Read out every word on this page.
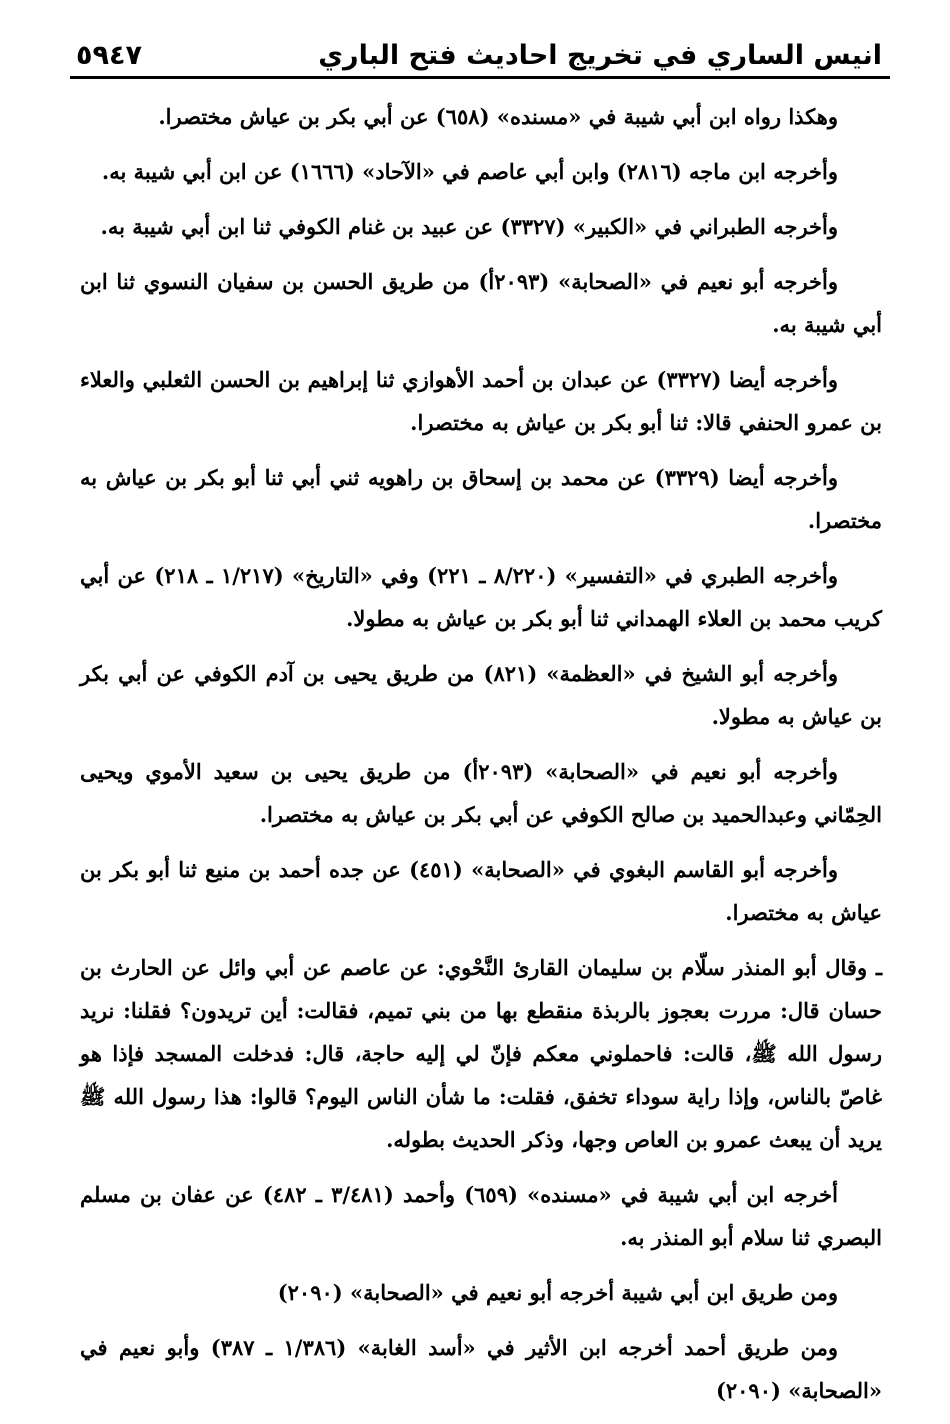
انيس الساري في تخريج احاديث فتح الباري
٥٩٤٧

وهكذا رواه ابن أبي شيبة في «مسنده» (٦٥٨) عن أبي بكر بن عياش مختصرا.

وأخرجه ابن ماجه (٢٨١٦) وابن أبي عاصم في «الآحاد» (١٦٦٦) عن ابن أبي شيبة به.

وأخرجه الطبراني في «الكبير» (٣٣٢٧) عن عبيد بن غنام الكوفي ثنا ابن أبي شيبة به.

وأخرجه أبو نعيم في «الصحابة» (٢٠٩٣أ) من طريق الحسن بن سفيان النسوي ثنا ابن أبي شيبة به.

وأخرجه أيضا (٣٣٢٧) عن عبدان بن أحمد الأهوازي ثنا إبراهيم بن الحسن الثعلبي والعلاء بن عمرو الحنفي قالا: ثنا أبو بكر بن عياش به مختصرا.

وأخرجه أيضا (٣٣٢٩) عن محمد بن إسحاق بن راهويه ثني أبي ثنا أبو بكر بن عياش به مختصرا.

وأخرجه الطبري في «التفسير» (٨/٢٢٠ ـ ٢٢١) وفي «التاريخ» (١/٢١٧ ـ ٢١٨) عن أبي كريب محمد بن العلاء الهمداني ثنا أبو بكر بن عياش به مطولا.

وأخرجه أبو الشيخ في «العظمة» (٨٢١) من طريق يحيى بن آدم الكوفي عن أبي بكر بن عياش به مطولا.

وأخرجه أبو نعيم في «الصحابة» (٢٠٩٣أ) من طريق يحيى بن سعيد الأموي ويحيى الحِمّاني وعبدالحميد بن صالح الكوفي عن أبي بكر بن عياش به مختصرا.

وأخرجه أبو القاسم البغوي في «الصحابة» (٤٥١) عن جده أحمد بن منيع ثنا أبو بكر بن عياش به مختصرا.

ـ وقال أبو المنذر سلّام بن سليمان القارئ النَّحْوي: عن عاصم عن أبي وائل عن الحارث بن حسان قال: مررت بعجوز بالربذة منقطع بها من بني تميم، فقالت: أين تريدون؟ فقلنا: نريد رسول الله ﷺ، قالت: فاحملوني معكم فإنّ لي إليه حاجة، قال: فدخلت المسجد فإذا هو غاصّ بالناس، وإذا راية سوداء تخفق، فقلت: ما شأن الناس اليوم؟ قالوا: هذا رسول الله ﷺ يريد أن يبعث عمرو بن العاص وجها، وذكر الحديث بطوله.

أخرجه ابن أبي شيبة في «مسنده» (٦٥٩) وأحمد (٣/٤٨١ ـ ٤٨٢) عن عفان بن مسلم البصري ثنا سلام أبو المنذر به.

ومن طريق ابن أبي شيبة أخرجه أبو نعيم في «الصحابة» (٢٠٩٠)

ومن طريق أحمد أخرجه ابن الأثير في «أسد الغابة» (١/٣٨٦ ـ ٣٨٧) وأبو نعيم في «الصحابة» (٢٠٩٠)
